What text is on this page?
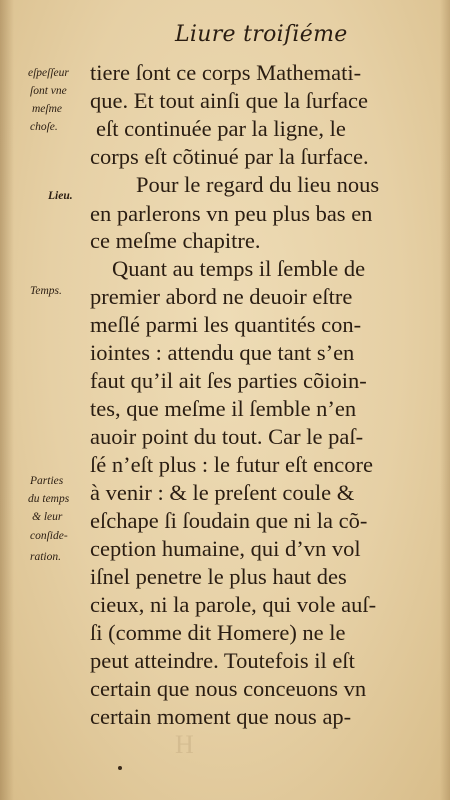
Liure troiſiéme
eſpeſſeur
ſont vne
meſme
choſe.
Lieu.
Temps.
Parties
du temps
& leur
conſide-
ration.
tiere ſont ce corps Mathemati-
que. Et tout ainſi que la ſurface
eſt continuée par la ligne, le
corps eſt cõtinué par la ſurface.
Pour le regard du lieu nous
en parlerons vn peu plus bas en
ce meſme chapitre.
Quant au temps il ſemble de
premier abord ne deuoir eſtre
meſlé parmi les quantités con-
iointes : attendu que tant s’en
faut qu’il ait ſes parties cõioin-
tes, que meſme il ſemble n’en
auoir point du tout. Car le paſ-
ſé n’eſt plus : le futur eſt encore
à venir : & le preſent coule &
eſchape ſi ſoudain que ni la cõ-
ception humaine, qui d’vn vol
iſnel penetre le plus haut des
cieux, ni la parole, qui vole auſ-
ſi (comme dit Homere) ne le
peut atteindre. Toutefois il eſt
certain que nous conceuons vn
certain moment que nous ap-
H
